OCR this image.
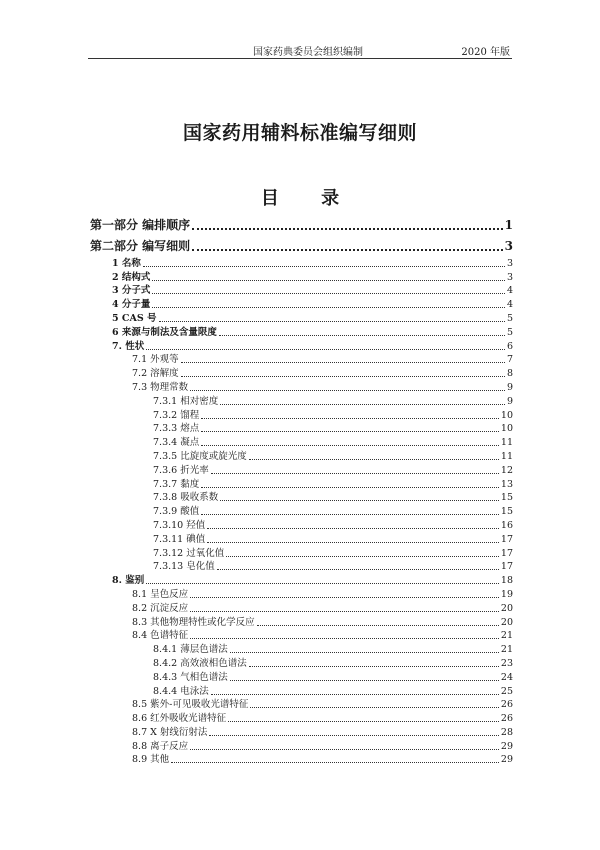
国家药典委员会组织编制	2020 年版
国家药用辅料标准编写细则
目 录
第一部分 编排顺序	1
第二部分 编写细则	3
1 名称	3
2 结构式	3
3 分子式	4
4 分子量	4
5 CAS 号	5
6 来源与制法及含量限度	5
7. 性状	6
7.1 外观等	7
7.2 溶解度	8
7.3 物理常数	9
7.3.1 相对密度	9
7.3.2 馏程	10
7.3.3 熔点	10
7.3.4 凝点	11
7.3.5 比旋度或旋光度	11
7.3.6 折光率	12
7.3.7 黏度	13
7.3.8 吸收系数	15
7.3.9 酸值	15
7.3.10 羟值	16
7.3.11 碘值	17
7.3.12 过氧化值	17
7.3.13 皂化值	17
8. 鉴别	18
8.1 呈色反应	19
8.2 沉淀反应	20
8.3 其他物理特性或化学反应	20
8.4 色谱特征	21
8.4.1 薄层色谱法	21
8.4.2 高效液相色谱法	23
8.4.3 气相色谱法	24
8.4.4 电泳法	25
8.5 紫外-可见吸收光谱特征	26
8.6 红外吸收光谱特征	26
8.7 X 射线衍射法	28
8.8 离子反应	29
8.9 其他	29
